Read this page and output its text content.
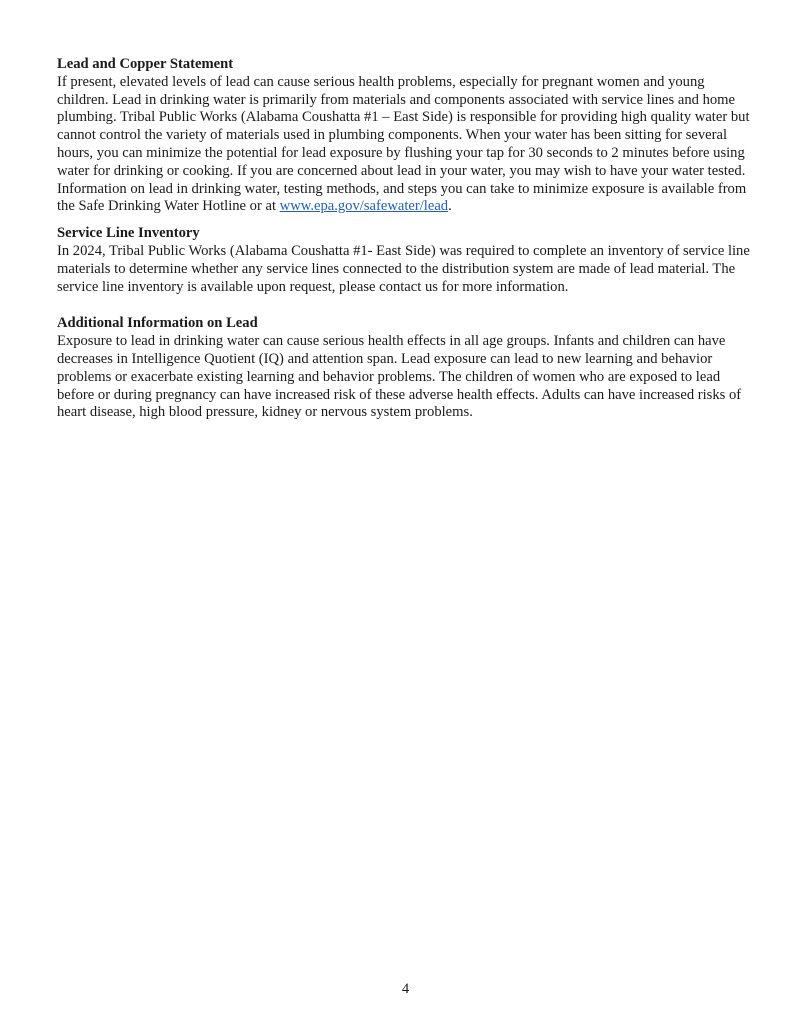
Lead and Copper Statement

If present, elevated levels of lead can cause serious health problems, especially for pregnant women and young children. Lead in drinking water is primarily from materials and components associated with service lines and home plumbing. Tribal Public Works (Alabama Coushatta #1 – East Side) is responsible for providing high quality water but cannot control the variety of materials used in plumbing components. When your water has been sitting for several hours, you can minimize the potential for lead exposure by flushing your tap for 30 seconds to 2 minutes before using water for drinking or cooking. If you are concerned about lead in your water, you may wish to have your water tested. Information on lead in drinking water, testing methods, and steps you can take to minimize exposure is available from the Safe Drinking Water Hotline or at www.epa.gov/safewater/lead.

Service Line Inventory

In 2024, Tribal Public Works (Alabama Coushatta #1- East Side) was required to complete an inventory of service line materials to determine whether any service lines connected to the distribution system are made of lead material. The service line inventory is available upon request, please contact us for more information.

Additional Information on Lead

Exposure to lead in drinking water can cause serious health effects in all age groups. Infants and children can have decreases in Intelligence Quotient (IQ) and attention span. Lead exposure can lead to new learning and behavior problems or exacerbate existing learning and behavior problems. The children of women who are exposed to lead before or during pregnancy can have increased risk of these adverse health effects. Adults can have increased risks of heart disease, high blood pressure, kidney or nervous system problems.

4
